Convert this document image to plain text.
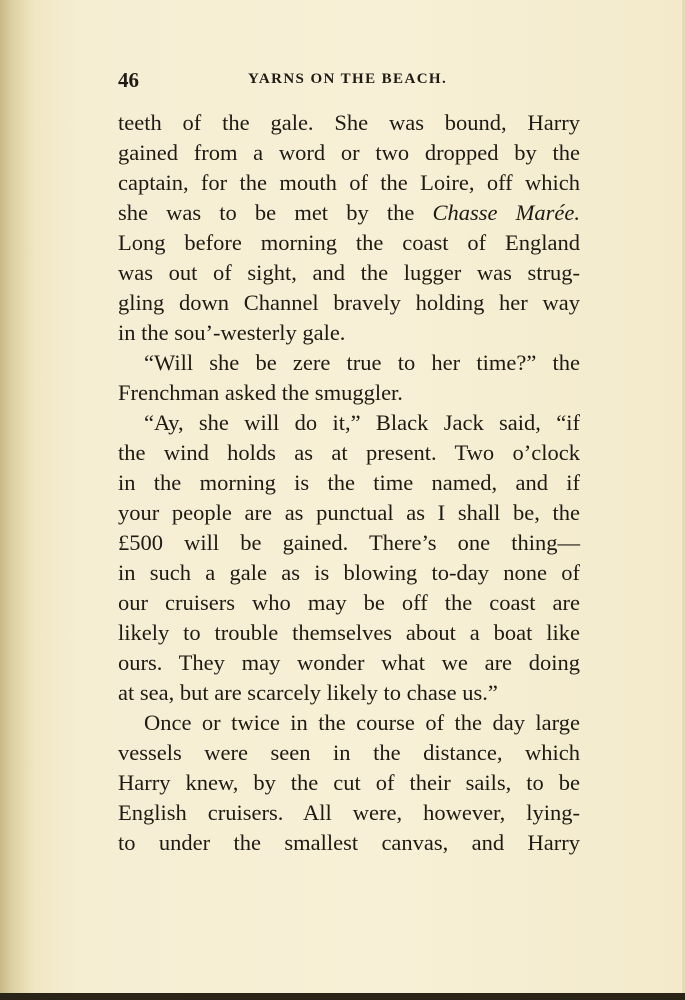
46	YARNS ON THE BEACH.
teeth of the gale. She was bound, Harry
gained from a word or two dropped by the
captain, for the mouth of the Loire, off which
she was to be met by the Chasse Marée.
Long before morning the coast of England
was out of sight, and the lugger was strug-
gling down Channel bravely holding her way
in the sou’-westerly gale.
“Will she be zere true to her time?” the
Frenchman asked the smuggler.
“Ay, she will do it,” Black Jack said, “if
the wind holds as at present. Two o’clock
in the morning is the time named, and if
your people are as punctual as I shall be, the
£500 will be gained. There’s one thing—
in such a gale as is blowing to-day none of
our cruisers who may be off the coast are
likely to trouble themselves about a boat like
ours. They may wonder what we are doing
at sea, but are scarcely likely to chase us.”
Once or twice in the course of the day large
vessels were seen in the distance, which
Harry knew, by the cut of their sails, to be
English cruisers. All were, however, lying-
to under the smallest canvas, and Harry
